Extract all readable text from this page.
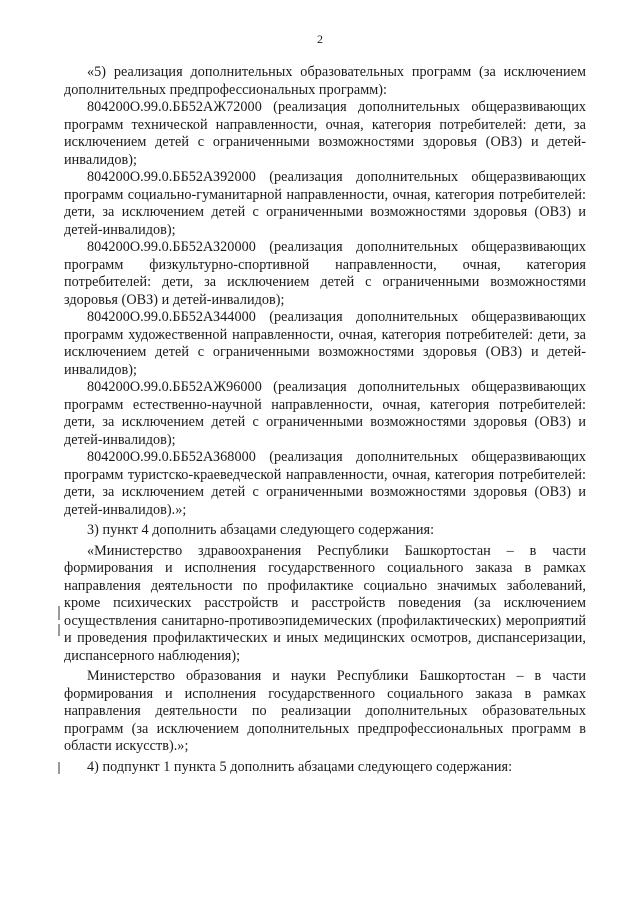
2

«5) реализация дополнительных образовательных программ (за исключением дополнительных предпрофессиональных программ):

804200О.99.0.ББ52АЖ72000 (реализация дополнительных общеразвивающих программ технической направленности, очная, категория потребителей: дети, за исключением детей с ограниченными возможностями здоровья (ОВЗ) и детей-инвалидов);

804200О.99.0.ББ52АЗ92000 (реализация дополнительных общеразвивающих программ социально-гуманитарной направленности, очная, категория потребителей: дети, за исключением детей с ограниченными возможностями здоровья (ОВЗ) и детей-инвалидов);

804200О.99.0.ББ52АЗ20000 (реализация дополнительных общеразвивающих программ физкультурно-спортивной направленности, очная, категория потребителей: дети, за исключением детей с ограниченными возможностями здоровья (ОВЗ) и детей-инвалидов);

804200О.99.0.ББ52АЗ44000 (реализация дополнительных общеразвивающих программ художественной направленности, очная, категория потребителей: дети, за исключением детей с ограниченными возможностями здоровья (ОВЗ) и детей-инвалидов);

804200О.99.0.ББ52АЖ96000 (реализация дополнительных общеразвивающих программ естественно-научной направленности, очная, категория потребителей: дети, за исключением детей с ограниченными возможностями здоровья (ОВЗ) и детей-инвалидов);

804200О.99.0.ББ52АЗ68000 (реализация дополнительных общеразвивающих программ туристско-краеведческой направленности, очная, категория потребителей: дети, за исключением детей с ограниченными возможностями здоровья (ОВЗ) и детей-инвалидов).»;

3) пункт 4 дополнить абзацами следующего содержания:

«Министерство здравоохранения Республики Башкортостан – в части формирования и исполнения государственного социального заказа в рамках направления деятельности по профилактике социально значимых заболеваний, кроме психических расстройств и расстройств поведения (за исключением осуществления санитарно-противоэпидемических (профилактических) мероприятий и проведения профилактических и иных медицинских осмотров, диспансеризации, диспансерного наблюдения);

Министерство образования и науки Республики Башкортостан – в части формирования и исполнения государственного социального заказа в рамках направления деятельности по реализации дополнительных образовательных программ (за исключением дополнительных предпрофессиональных программ в области искусств).»;

4) подпункт 1 пункта 5 дополнить абзацами следующего содержания:
